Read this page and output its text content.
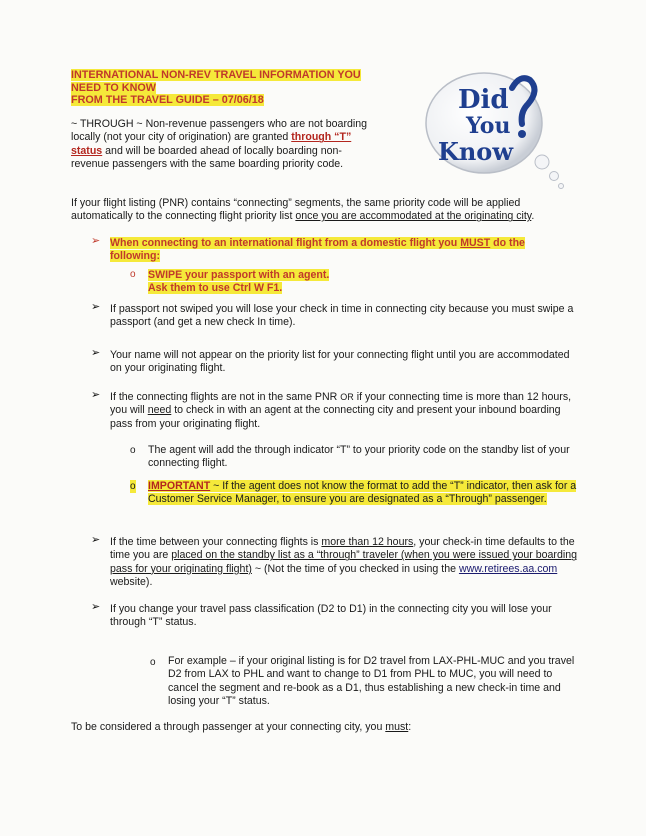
INTERNATIONAL NON-REV TRAVEL INFORMATION YOU
NEED TO KNOW
FROM THE TRAVEL GUIDE – 07/06/18	Did
You
Know
~ THROUGH ~ Non-revenue passengers who are not boarding locally (not your city of origination) are granted through “T” status and will be boarded ahead of locally boarding non-revenue passengers with the same boarding priority code.
If your flight listing (PNR) contains “connecting” segments, the same priority code will be applied automatically to the connecting flight priority list once you are accommodated at the originating city.
➢ When connecting to an international flight from a domestic flight you MUST do the following:
o SWIPE your passport with an agent.
Ask them to use Ctrl W F1.
➢ If passport not swiped you will lose your check in time in connecting city because you must swipe a passport (and get a new check In time).
➢ Your name will not appear on the priority list for your connecting flight until you are accommodated on your originating flight.
➢ If the connecting flights are not in the same PNR OR if your connecting time is more than 12 hours, you will need to check in with an agent at the connecting city and present your inbound boarding pass from your originating flight.
o The agent will add the through indicator “T” to your priority code on the standby list of your connecting flight.
o IMPORTANT ~ If the agent does not know the format to add the “T” indicator, then ask for a Customer Service Manager, to ensure you are designated as a “Through” passenger.
➢ If the time between your connecting flights is more than 12 hours, your check-in time defaults to the time you are placed on the standby list as a “through” traveler (when you were issued your boarding pass for your originating flight) ~ (Not the time of you checked in using the www.retirees.aa.com website).
➢ If you change your travel pass classification (D2 to D1) in the connecting city you will lose your through “T” status.
o For example – if your original listing is for D2 travel from LAX-PHL-MUC and you travel D2 from LAX to PHL and want to change to D1 from PHL to MUC, you will need to cancel the segment and re-book as a D1, thus establishing a new check-in time and losing your “T” status.
To be considered a through passenger at your connecting city, you must:
